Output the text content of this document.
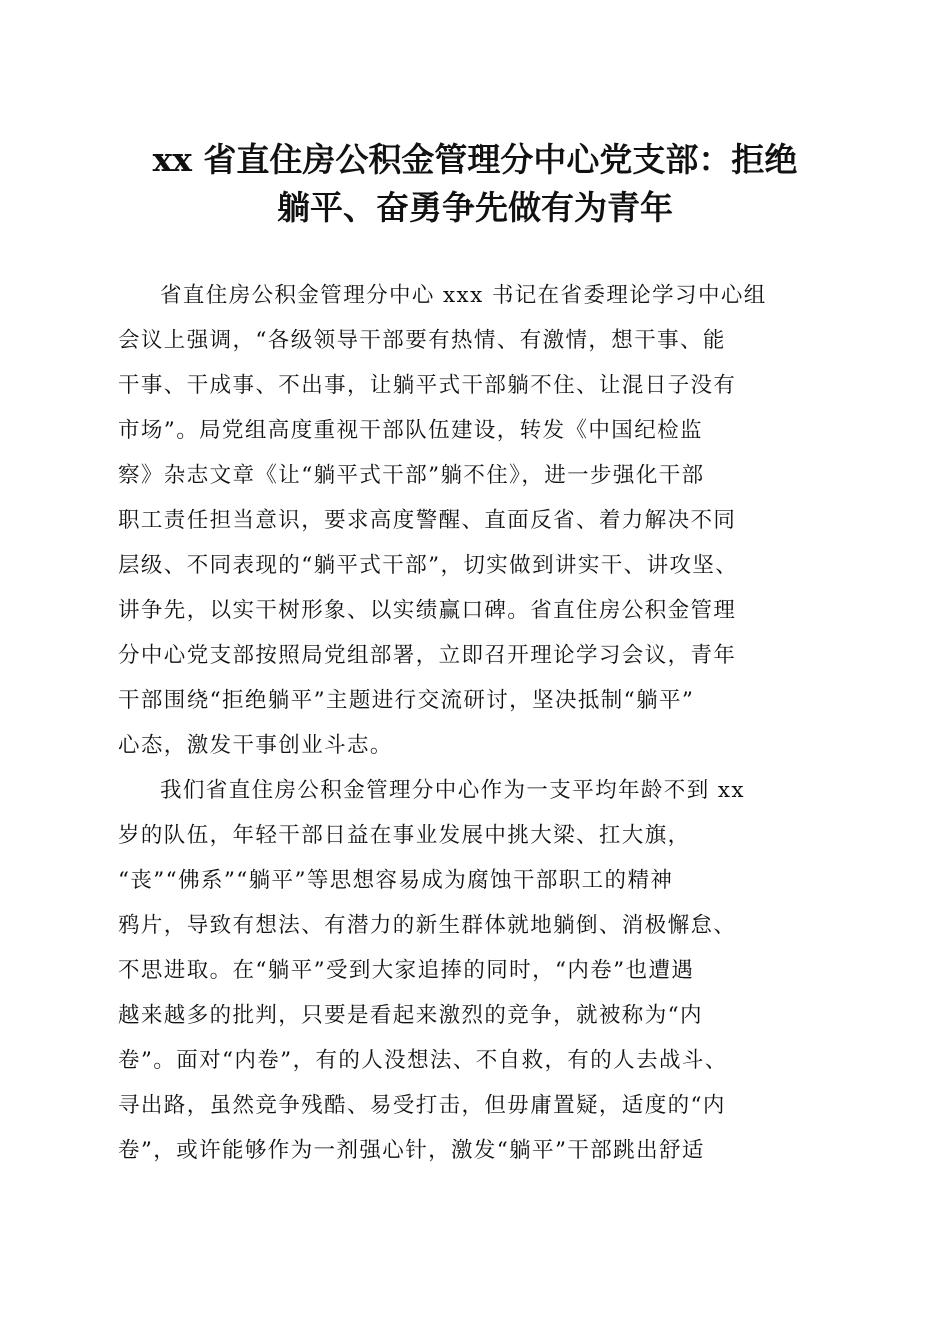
xx 省直住房公积金管理分中心党支部：拒绝
躺平、奋勇争先做有为青年

省直住房公积金管理分中心 xxx 书记在省委理论学习中心组

会议上强调，“各级领导干部要有热情、有激情，想干事、能

干事、干成事、不出事，让躺平式干部躺不住、让混日子没有

市场”。局党组高度重视干部队伍建设，转发《中国纪检监

察》杂志文章《让“躺平式干部”躺不住》，进一步强化干部

职工责任担当意识，要求高度警醒、直面反省、着力解决不同

层级、不同表现的“躺平式干部”，切实做到讲实干、讲攻坚、

讲争先，以实干树形象、以实绩赢口碑。省直住房公积金管理

分中心党支部按照局党组部署，立即召开理论学习会议，青年

干部围绕“拒绝躺平”主题进行交流研讨，坚决抵制“躺平”

心态，激发干事创业斗志。

我们省直住房公积金管理分中心作为一支平均年龄不到 xx

岁的队伍，年轻干部日益在事业发展中挑大梁、扛大旗，

“丧”“佛系”“躺平”等思想容易成为腐蚀干部职工的精神

鸦片，导致有想法、有潜力的新生群体就地躺倒、消极懈怠、

不思进取。在“躺平”受到大家追捧的同时，“内卷”也遭遇

越来越多的批判，只要是看起来激烈的竞争，就被称为“内

卷”。面对“内卷”，有的人没想法、不自救，有的人去战斗、

寻出路，虽然竞争残酷、易受打击，但毋庸置疑，适度的“内

卷”，或许能够作为一剂强心针，激发“躺平”干部跳出舒适
